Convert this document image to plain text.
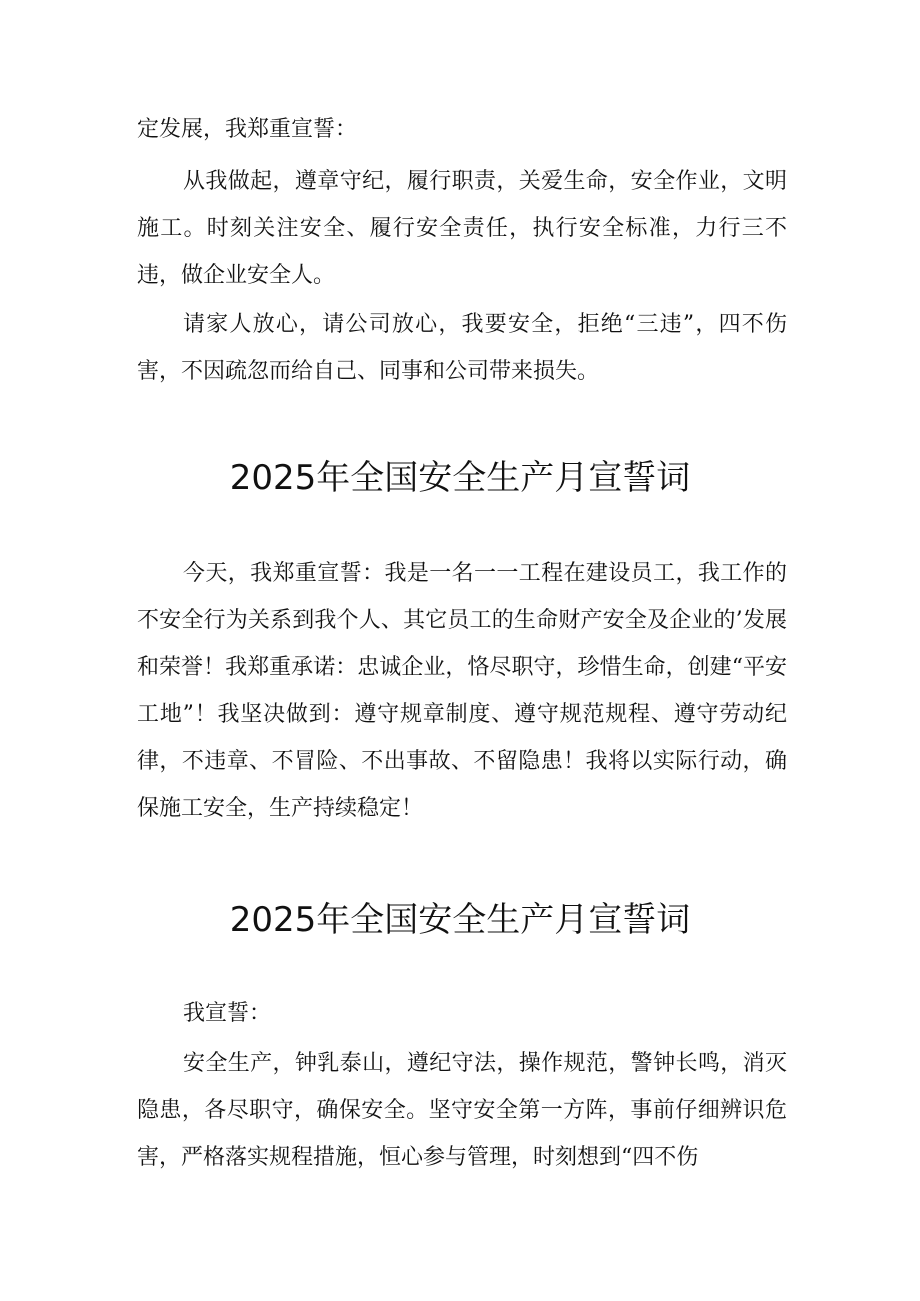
定发展，我郑重宣誓：

从我做起，遵章守纪，履行职责，关爱生命，安全作业，文明施工。时刻关注安全、履行安全责任，执行安全标准，力行三不违，做企业安全人。

请家人放心，请公司放心，我要安全，拒绝“三违”，四不伤害，不因疏忽而给自己、同事和公司带来损失。

2025年全国安全生产月宣誓词

今天，我郑重宣誓：我是一名一一工程在建设员工，我工作的不安全行为关系到我个人、其它员工的生命财产安全及企业的’发展和荣誉！我郑重承诺：忠诚企业，恪尽职守，珍惜生命，创建“平安工地”！我坚决做到：遵守规章制度、遵守规范规程、遵守劳动纪律，不违章、不冒险、不出事故、不留隐患！我将以实际行动，确保施工安全，生产持续稳定！

2025年全国安全生产月宣誓词

我宣誓：

安全生产，钟乳泰山，遵纪守法，操作规范，警钟长鸣，消灭隐患，各尽职守，确保安全。坚守安全第一方阵，事前仔细辨识危害，严格落实规程措施，恒心参与管理，时刻想到“四不伤
